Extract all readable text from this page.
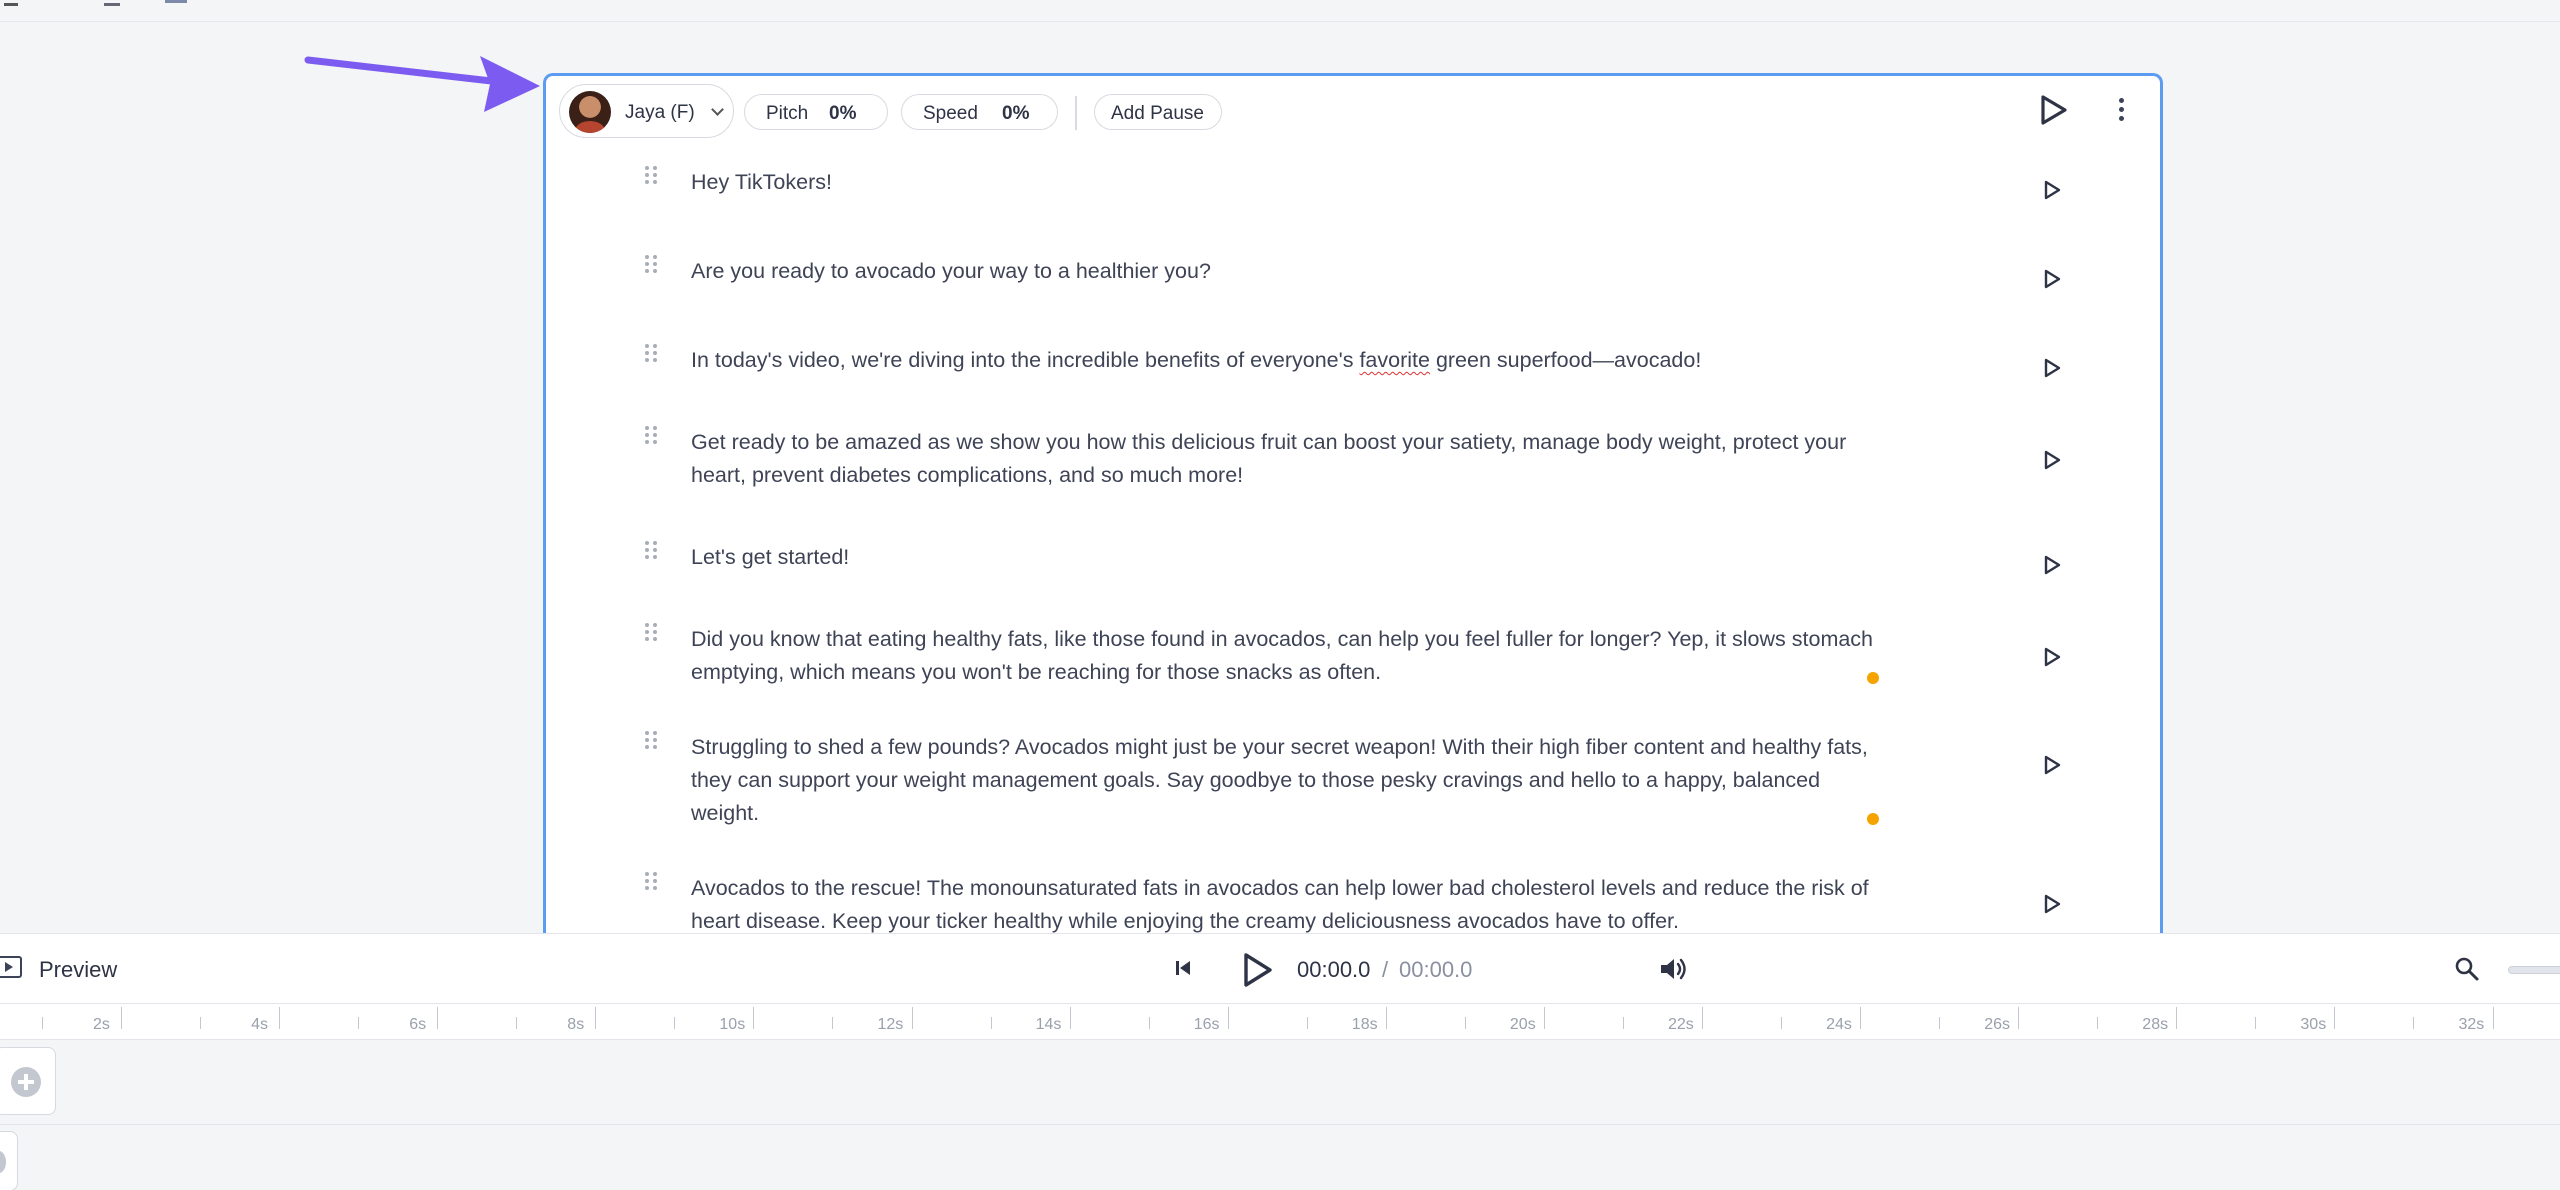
Jaya (F)	Pitch 0%	Speed 0%	Add Pause
Hey TikTokers!
Are you ready to avocado your way to a healthier you?
In today's video, we're diving into the incredible benefits of everyone's favorite green superfood—avocado!
Get ready to be amazed as we show you how this delicious fruit can boost your satiety, manage body weight, protect your heart, prevent diabetes complications, and so much more!
Let's get started!
Did you know that eating healthy fats, like those found in avocados, can help you feel fuller for longer? Yep, it slows stomach emptying, which means you won't be reaching for those snacks as often.
Struggling to shed a few pounds? Avocados might just be your secret weapon! With their high fiber content and healthy fats, they can support your weight management goals. Say goodbye to those pesky cravings and hello to a happy, balanced weight.
Avocados to the rescue! The monounsaturated fats in avocados can help lower bad cholesterol levels and reduce the risk of heart disease. Keep your ticker healthy while enjoying the creamy deliciousness avocados have to offer.
Preview	00:00.0 / 00:00.0
2s	4s	6s	8s	10s	12s	14s	16s	18s	20s	22s	24s	26s	28s	30s	32s
